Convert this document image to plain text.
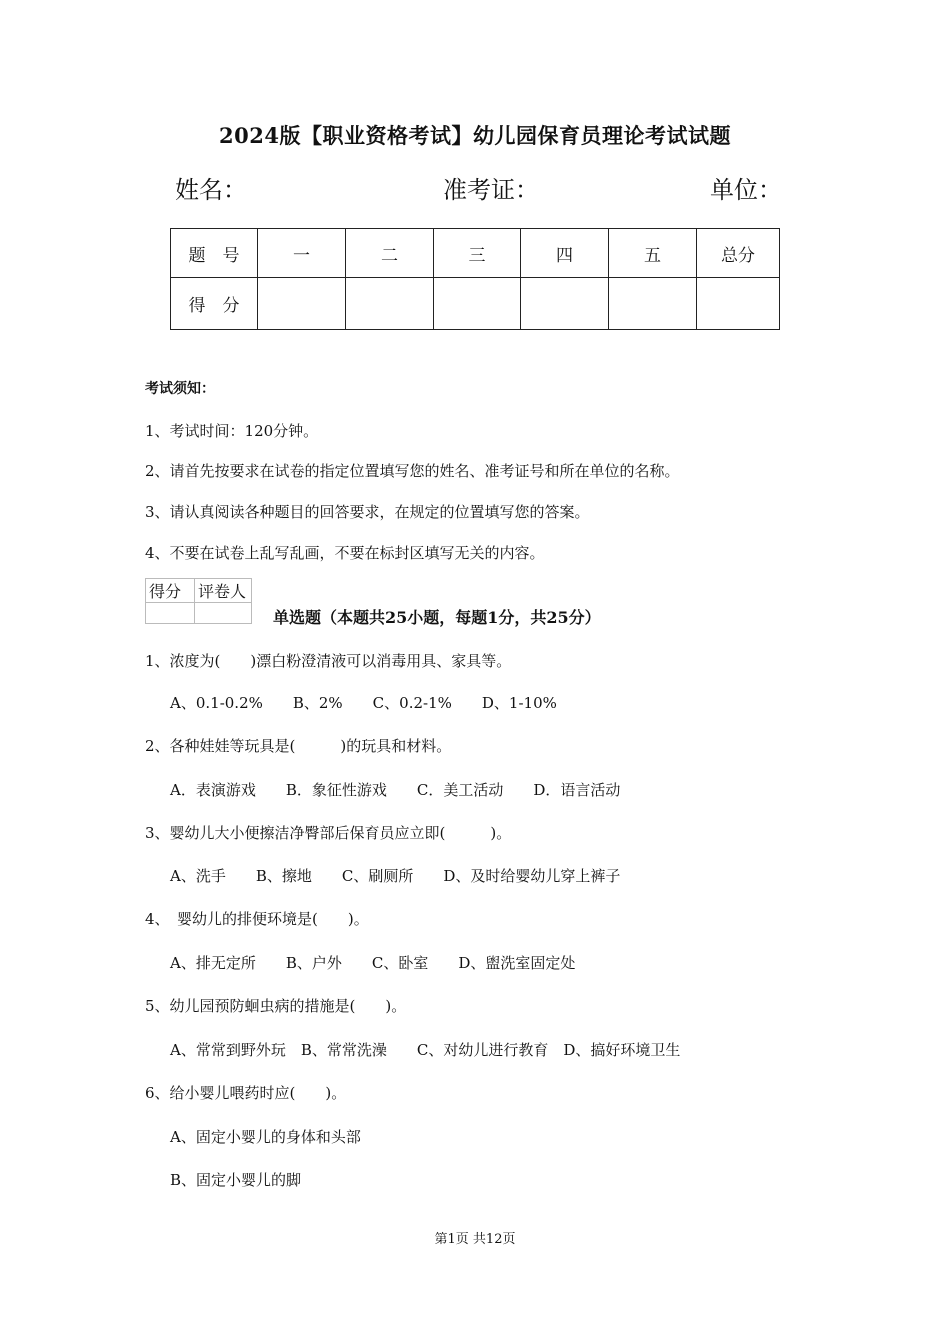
2024版【职业资格考试】幼儿园保育员理论考试试题
姓名：	准考证：	单位：
题　号	一	二	三	四	五	总分
得　分						
考试须知：
1、考试时间：120分钟。
2、请首先按要求在试卷的指定位置填写您的姓名、准考证号和所在单位的名称。
3、请认真阅读各种题目的回答要求，在规定的位置填写您的答案。
4、不要在试卷上乱写乱画，不要在标封区填写无关的内容。
得分	评卷人

单选题（本题共25小题，每题1分，共25分）
1、浓度为(　　)漂白粉澄清液可以消毒用具、家具等。
A、0.1-0.2%　　B、2%　　C、0.2-1%　　D、1-10%
2、各种娃娃等玩具是(　　　)的玩具和材料。
A．表演游戏　　B．象征性游戏　　C．美工活动　　D．语言活动
3、婴幼儿大小便擦洁净臀部后保育员应立即(　　　)。
A、洗手　　B、擦地　　C、刷厕所　　D、及时给婴幼儿穿上裤子
4、　婴幼儿的排便环境是(　　)。
A、排无定所　　B、户外　　C、卧室　　D、盥洗室固定处
5、幼儿园预防蛔虫病的措施是(　　)。
A、常常到野外玩　B、常常洗澡　　C、对幼儿进行教育　D、搞好环境卫生
6、给小婴儿喂药时应(　　)。
A、固定小婴儿的身体和头部
B、固定小婴儿的脚
第1页 共12页
